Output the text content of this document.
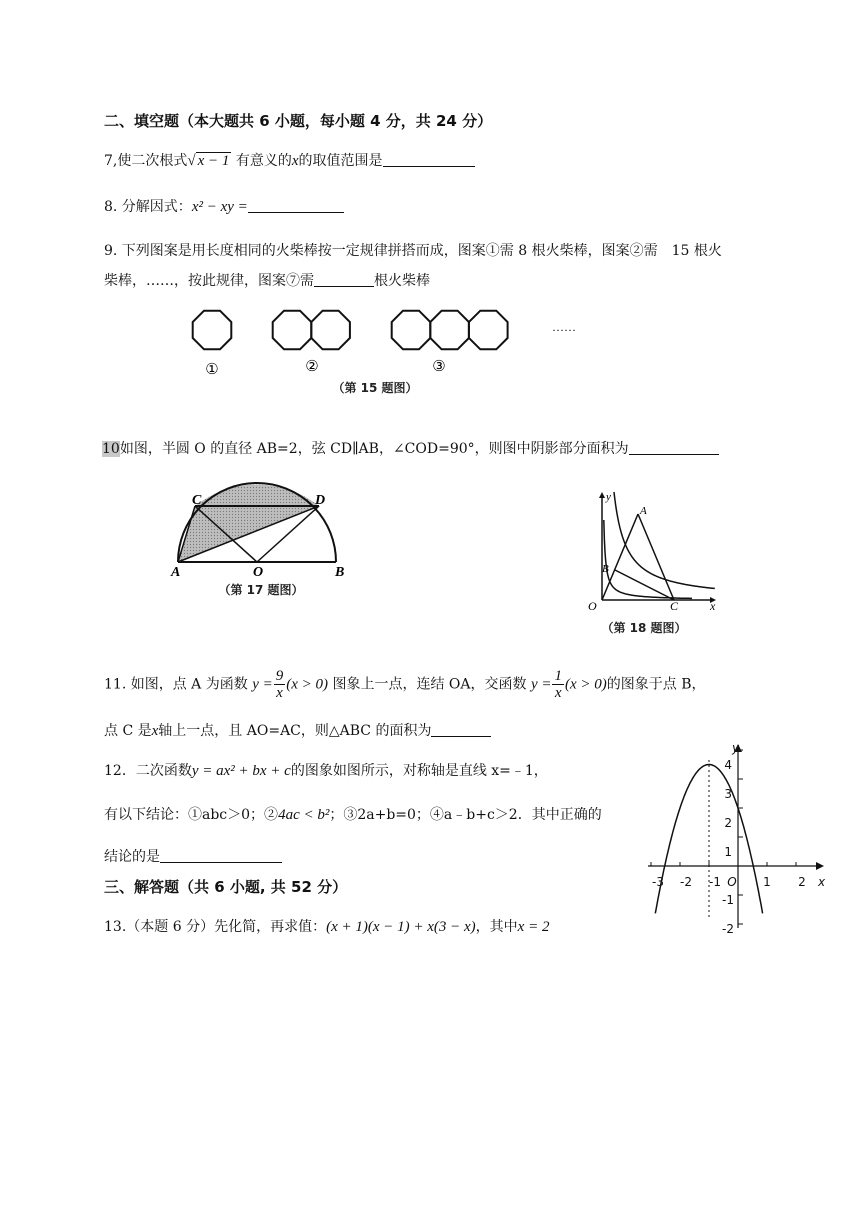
二、填空题（本大题共 6 小题，每小题 4 分，共 24 分）
7,使二次根式√ x − 1 有意义的x的取值范围是
8. 分解因式：x² − xy =
9. 下列图案是用长度相同的火柴棒按一定规律拼搭而成，图案①需 8 根火柴棒，图案②需　15 根火
柴棒，……，按此规律，图案⑦需	根火柴棒
①	②	③
……
（第 15 题图）
10如图，半圆 O 的直径 AB=2，弦 CD∥AB，∠COD=90°，则图中阴影部分面积为
C	D
A	O	B
（第 17 题图）
y
A
B
O	C	x
（第 18 题图）
11. 如图，点 A 为函数 $y = \frac{9}{x} (x > 0)$ 图象上一点，连结 OA，交函数 $y = \frac{1}{x} (x > 0)$的图象于点 B，
点 C 是x轴上一点，且 AO=AC，则△ABC 的面积为
12．二次函数y = ax² + bx + c的图象如图所示，对称轴是直线 x=﹣1，
有以下结论：①abc＞0；②4ac < b²；③2a+b=0；④a﹣b+c＞2．其中正确的
结论的是
-3 -2 -1	1 2
O	x
y
4
3
2
1
-1
-2
三、解答题（共 6 小题, 共 52 分）
13.（本题 6 分）先化简，再求值：(x + 1)(x − 1) + x(3 − x)，其中x = 2
